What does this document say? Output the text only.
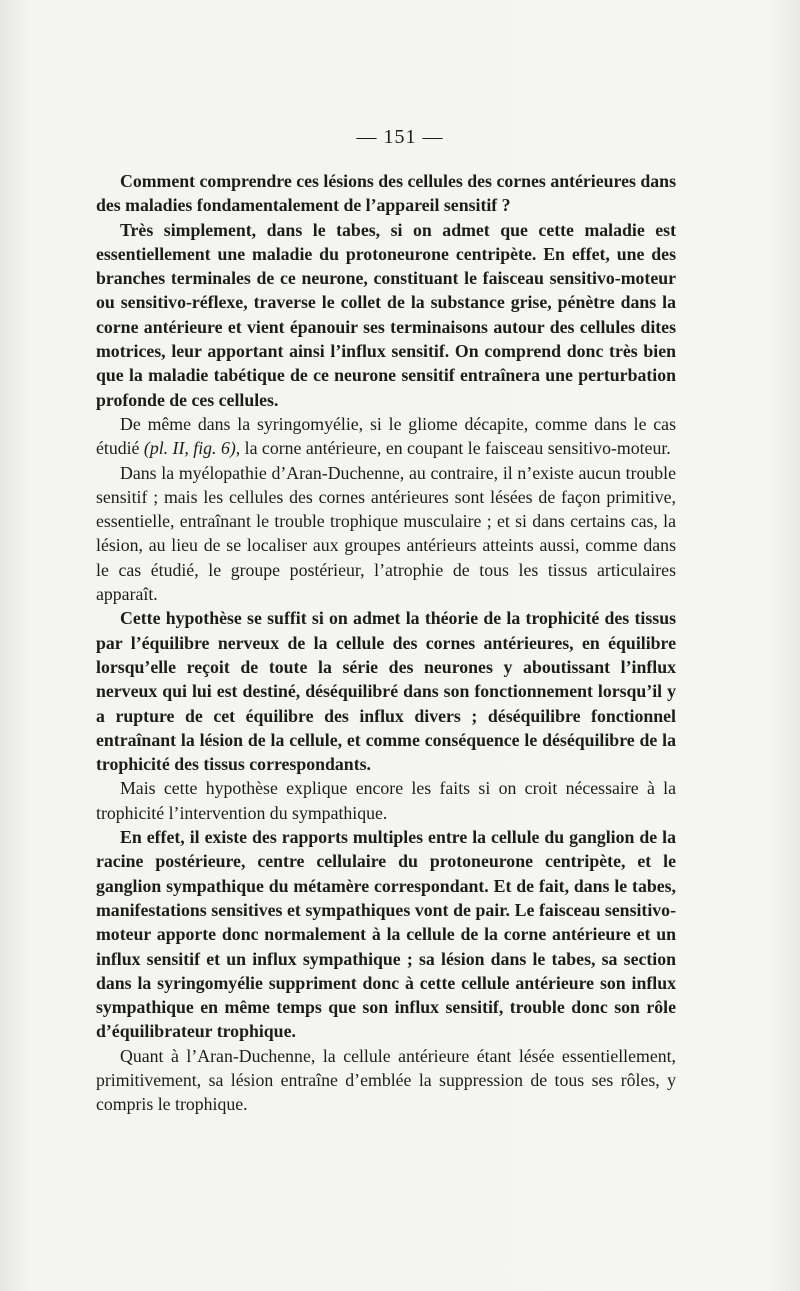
— 151 —

Comment comprendre ces lésions des cellules des cornes antérieures dans des maladies fondamentalement de l’appareil sensitif ?

Très simplement, dans le tabes, si on admet que cette maladie est essentiellement une maladie du protoneurone centripète. En effet, une des branches terminales de ce neurone, constituant le faisceau sensitivo-moteur ou sensitivo-réflexe, traverse le collet de la substance grise, pénètre dans la corne antérieure et vient épanouir ses terminaisons autour des cellules dites motrices, leur apportant ainsi l’influx sensitif. On comprend donc très bien que la maladie tabétique de ce neurone sensitif entraînera une perturbation profonde de ces cellules.

De même dans la syringomyélie, si le gliome décapite, comme dans le cas étudié (pl. II, fig. 6), la corne antérieure, en coupant le faisceau sensitivo-moteur.

Dans la myélopathie d’Aran-Duchenne, au contraire, il n’existe aucun trouble sensitif ; mais les cellules des cornes antérieures sont lésées de façon primitive, essentielle, entraînant le trouble trophique musculaire ; et si dans certains cas, la lésion, au lieu de se localiser aux groupes antérieurs atteints aussi, comme dans le cas étudié, le groupe postérieur, l’atrophie de tous les tissus articulaires apparaît.

Cette hypothèse se suffit si on admet la théorie de la trophicité des tissus par l’équilibre nerveux de la cellule des cornes antérieures, en équilibre lorsqu’elle reçoit de toute la série des neurones y aboutissant l’influx nerveux qui lui est destiné, déséquilibré dans son fonctionnement lorsqu’il y a rupture de cet équilibre des influx divers ; déséquilibre fonctionnel entraînant la lésion de la cellule, et comme conséquence le déséquilibre de la trophicité des tissus correspondants.

Mais cette hypothèse explique encore les faits si on croit nécessaire à la trophicité l’intervention du sympathique.

En effet, il existe des rapports multiples entre la cellule du ganglion de la racine postérieure, centre cellulaire du protoneurone centripète, et le ganglion sympathique du métamère correspondant. Et de fait, dans le tabes, manifestations sensitives et sympathiques vont de pair. Le faisceau sensitivo-moteur apporte donc normalement à la cellule de la corne antérieure et un influx sensitif et un influx sympathique ; sa lésion dans le tabes, sa section dans la syringomyélie suppriment donc à cette cellule antérieure son influx sympathique en même temps que son influx sensitif, trouble donc son rôle d’équilibrateur trophique.

Quant à l’Aran-Duchenne, la cellule antérieure étant lésée essentiellement, primitivement, sa lésion entraîne d’emblée la suppression de tous ses rôles, y compris le trophique.
